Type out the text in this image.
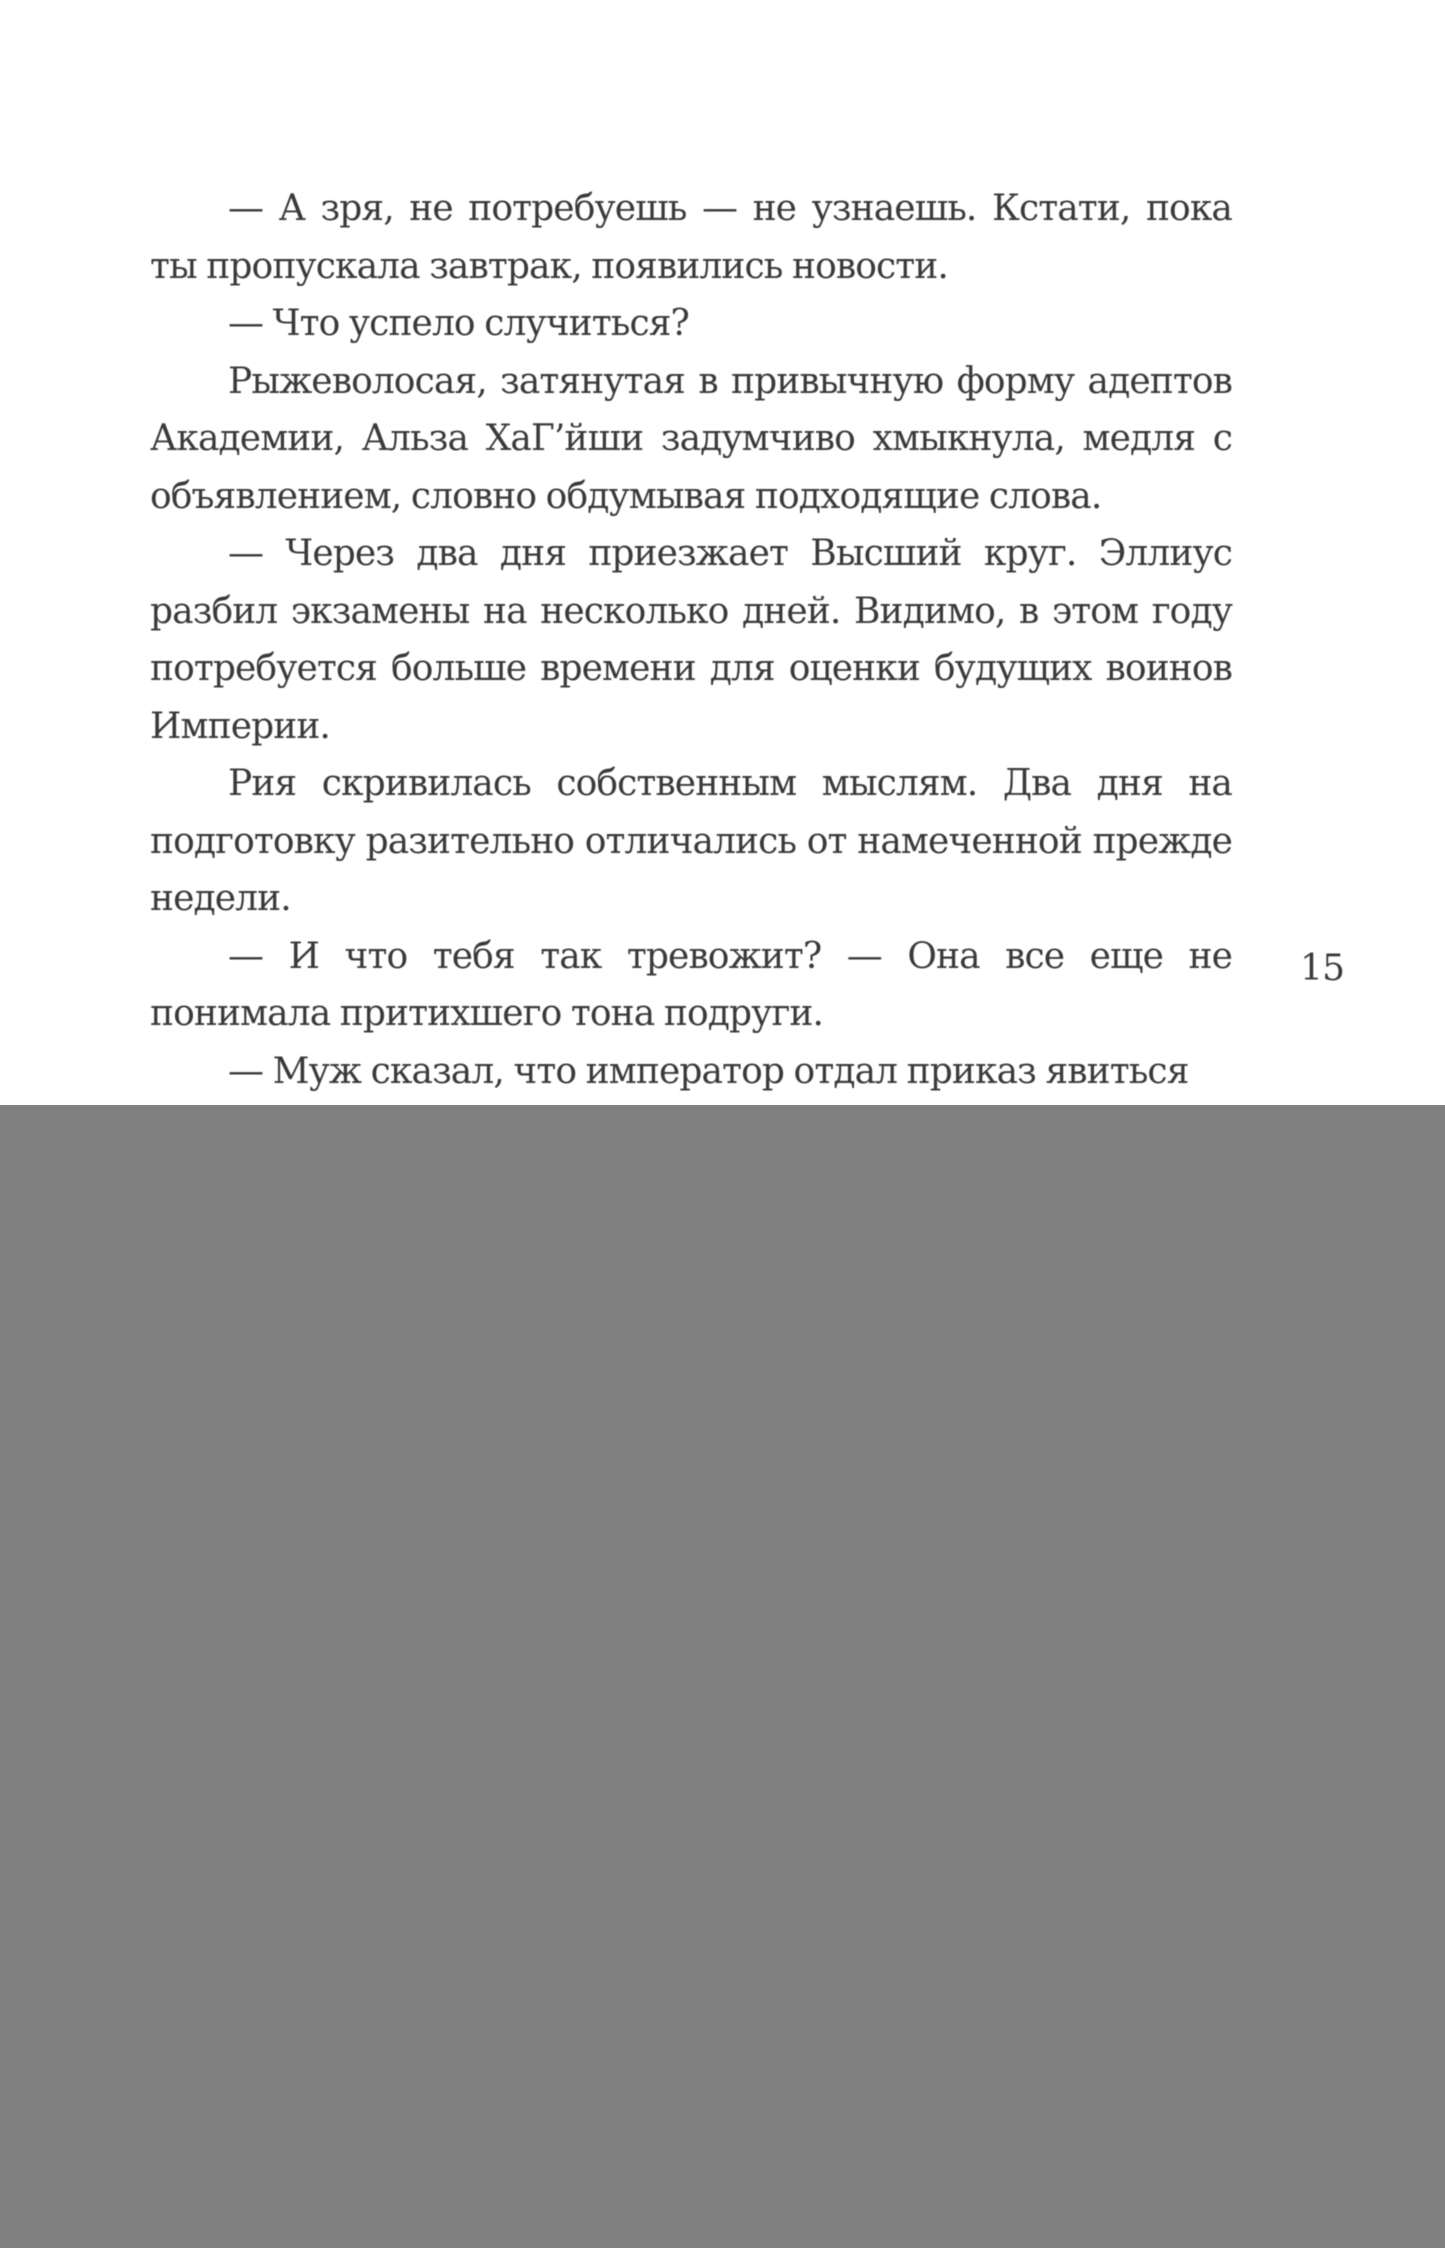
— А зря, не потребуешь — не узнаешь. Кстати, пока ты пропускала завтрак, появились новости.

— Что успело случиться?

Рыжеволосая, затянутая в привычную форму адептов Академии, Альза ХаГ’йши задумчиво хмыкнула, медля с объявлением, словно обдумывая подходящие слова.

— Через два дня приезжает Высший круг. Эллиус разбил экзамены на несколько дней. Видимо, в этом году потребуется больше времени для оценки будущих воинов Империи.

Рия скривилась собственным мыслям. Два дня на подготовку разительно отличались от намеченной прежде недели.

— И что тебя так тревожит? — Она все еще не понимала притихшего тона подруги.

— Муж сказал, что император отдал приказ явиться

15
